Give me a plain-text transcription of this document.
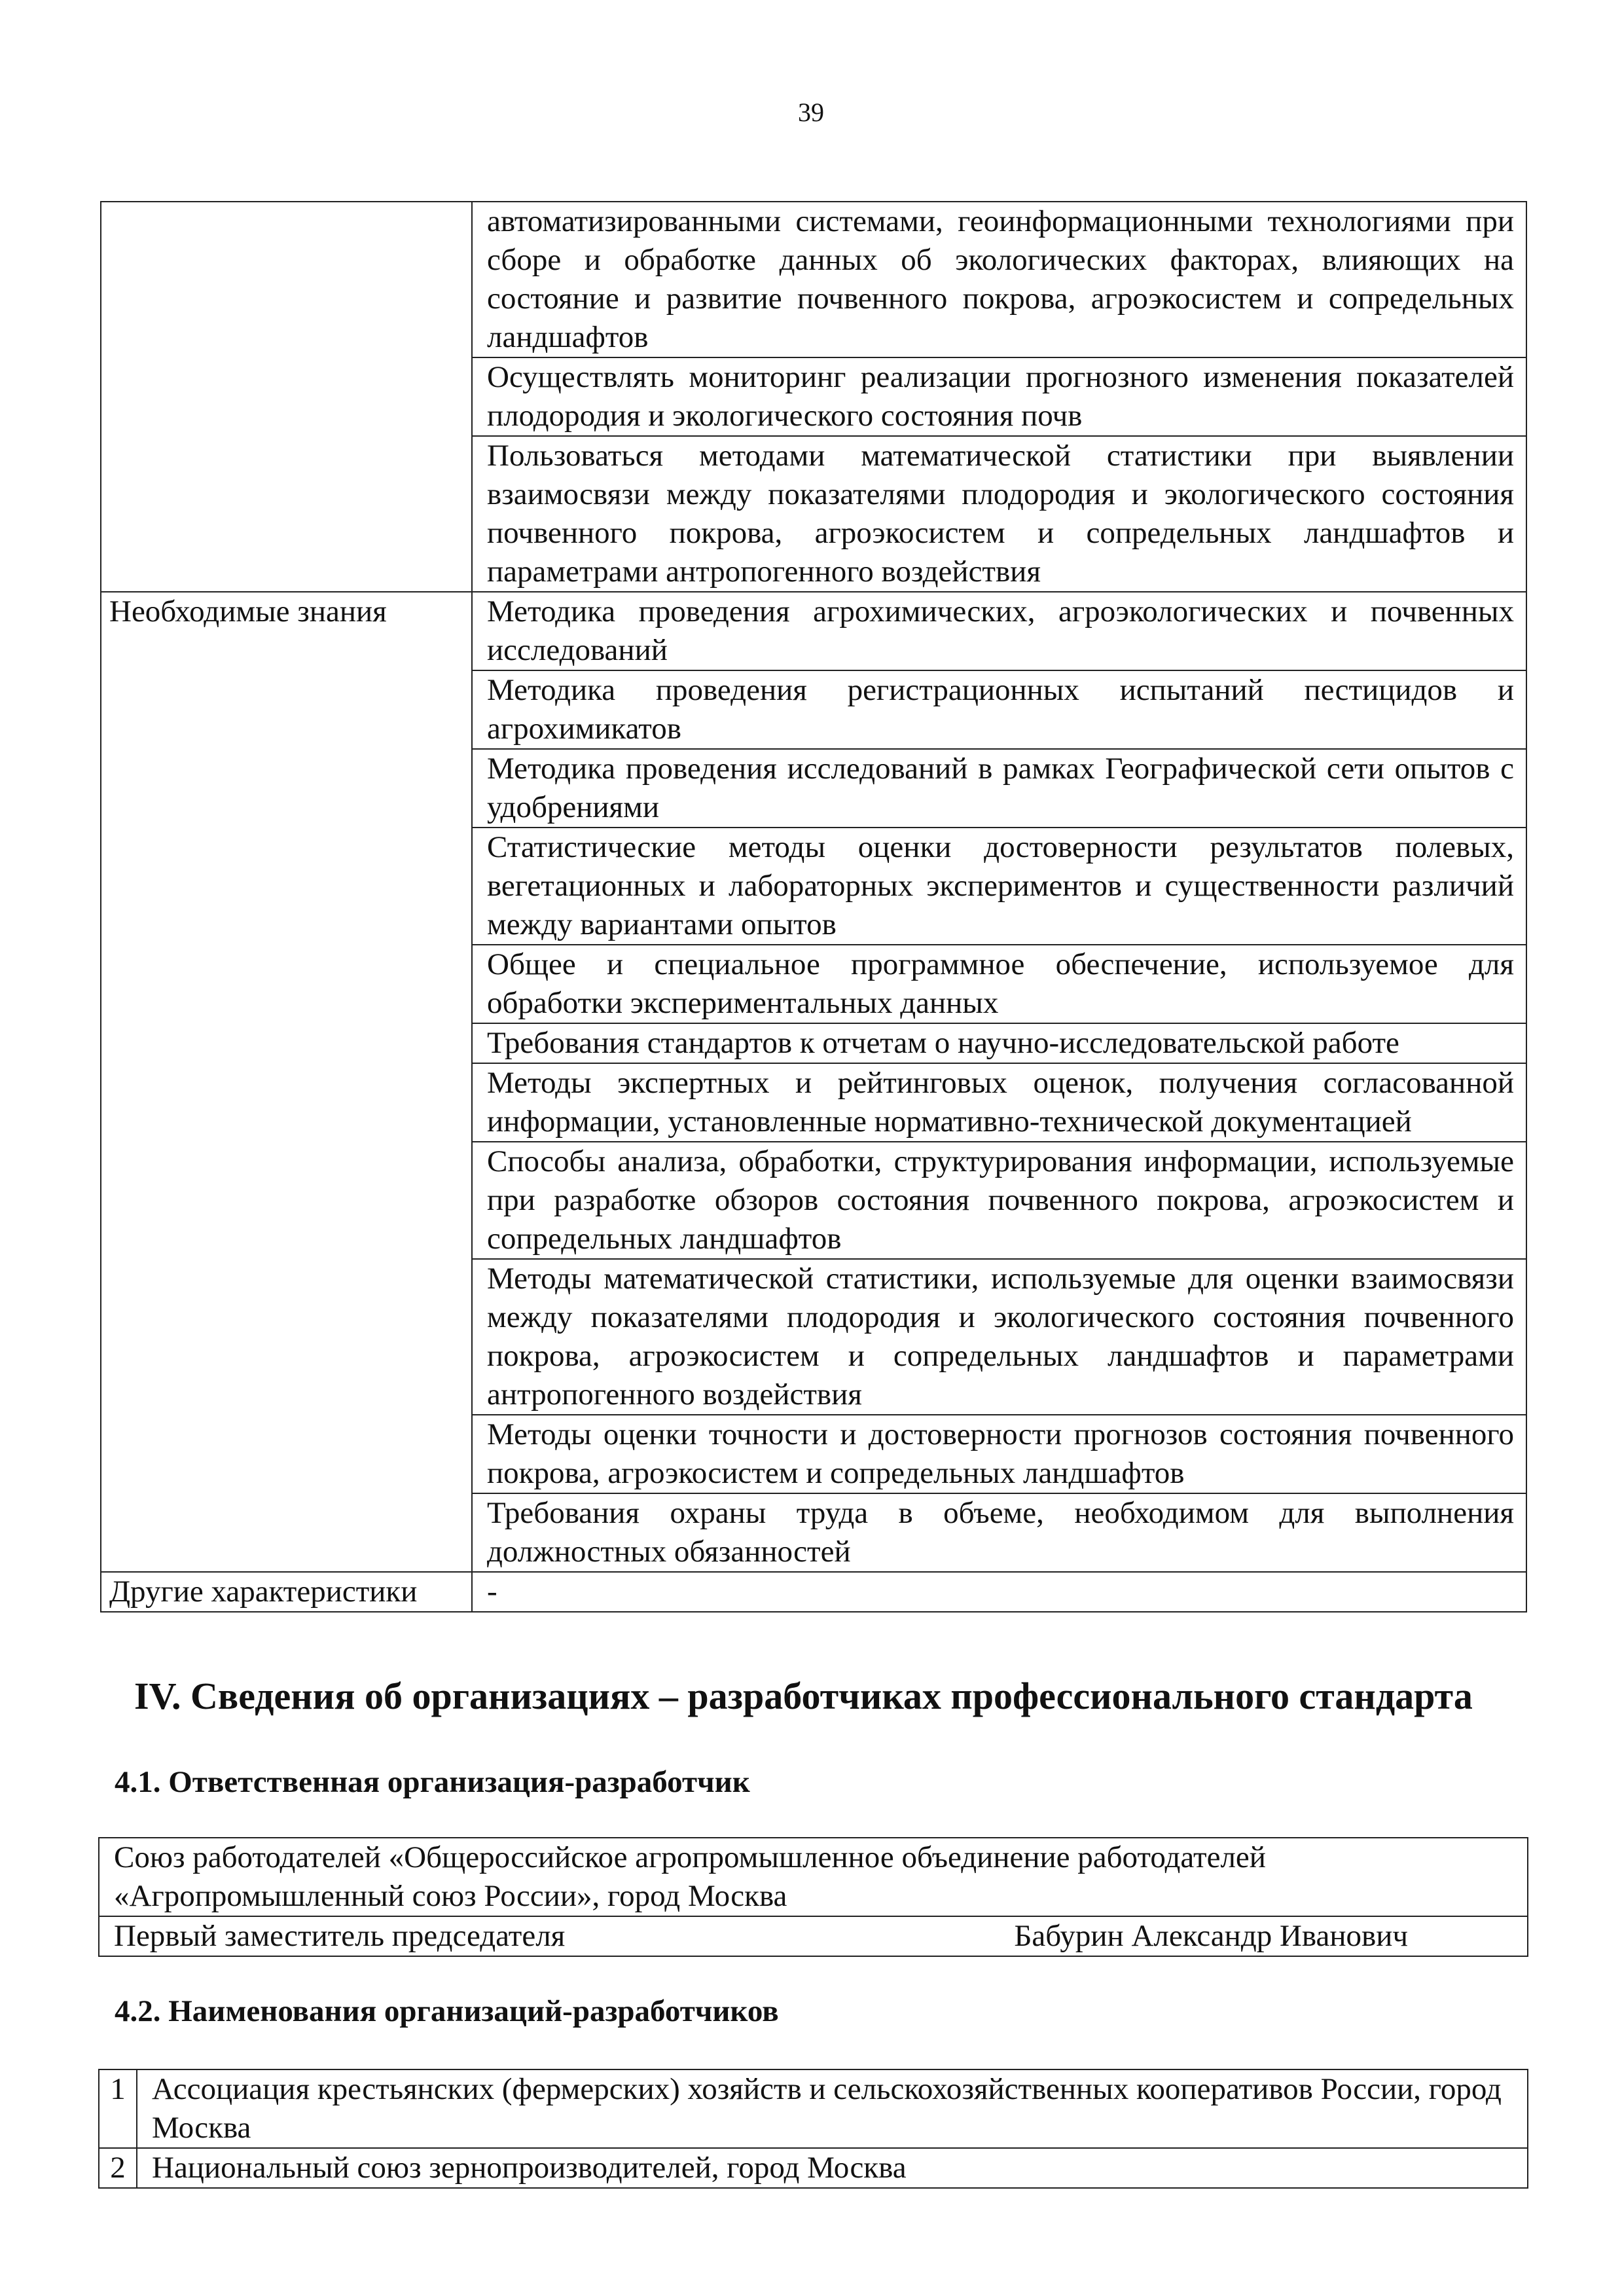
39
	автоматизированными системами, геоинформационными технологиями при сборе и обработке данных об экологических факторах, влияющих на состояние и развитие почвенного покрова, агроэкосистем и сопредельных ландшафтов
	Осуществлять мониторинг реализации прогнозного изменения показателей плодородия и экологического состояния почв
	Пользоваться методами математической статистики при выявлении взаимосвязи между показателями плодородия и экологического состояния почвенного покрова, агроэкосистем и сопредельных ландшафтов и параметрами антропогенного воздействия
Необходимые знания	Методика проведения агрохимических, агроэкологических и почвенных исследований
	Методика проведения регистрационных испытаний пестицидов и агрохимикатов
	Методика проведения исследований в рамках Географической сети опытов с удобрениями
	Статистические методы оценки достоверности результатов полевых, вегетационных и лабораторных экспериментов и существенности различий между вариантами опытов
	Общее и специальное программное обеспечение, используемое для обработки экспериментальных данных
	Требования стандартов к отчетам о научно-исследовательской работе
	Методы экспертных и рейтинговых оценок, получения согласованной информации, установленные нормативно-технической документацией
	Способы анализа, обработки, структурирования информации, используемые при разработке обзоров состояния почвенного покрова, агроэкосистем и сопредельных ландшафтов
	Методы математической статистики, используемые для оценки взаимосвязи между показателями плодородия и экологического состояния почвенного покрова, агроэкосистем и сопредельных ландшафтов и параметрами антропогенного воздействия
	Методы оценки точности и достоверности прогнозов состояния почвенного покрова, агроэкосистем и сопредельных ландшафтов
	Требования охраны труда в объеме, необходимом для выполнения должностных обязанностей
Другие характеристики	-
IV. Сведения об организациях – разработчиках профессионального стандарта
4.1. Ответственная организация-разработчик
Союз работодателей «Общероссийское агропромышленное объединение работодателей «Агропромышленный союз России», город Москва

Первый заместитель председателя	Бабурин Александр Иванович
4.2. Наименования организаций-разработчиков
1	Ассоциация крестьянских (фермерских) хозяйств и сельскохозяйственных кооперативов России, город Москва
2	Национальный союз зернопроизводителей, город Москва
